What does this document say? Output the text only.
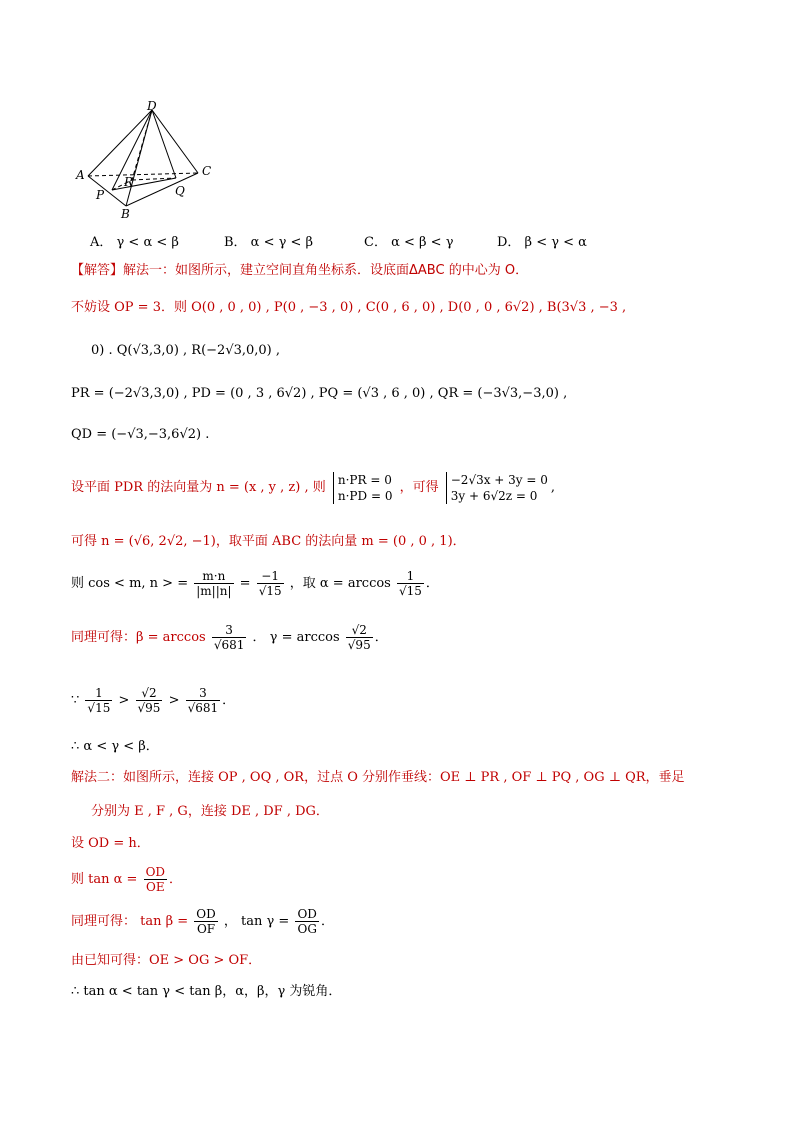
D
A	C
R
P	Q
B
A． γ < α < β	B． α < γ < β	C． α < β < γ	D． β < γ < α
【解答】解法一：如图所示，建立空间直角坐标系．设底面ΔABC 的中心为 O．
不妨设 OP = 3．则 O(0 , 0 , 0) , P(0 , −3 , 0) , C(0 , 6 , 0) , D(0 , 0 , 6√2) , B(3√3 , −3 ,
0) . Q(√3,3,0) , R(−2√3,0,0) ,
PR = (−2√3,3,0) , PD = (0 , 3 , 6√2) , PQ = (√3 , 6 , 0) , QR = (−3√3,−3,0) ,
QD = (−√3,−3,6√2) .
设平面 PDR 的法向量为 n = (x , y , z) , 则
n·PR = 0
n·PD = 0
，可得
−2√3x + 3y = 0
3y + 6√2z = 0
,
可得 n = (√6, 2√2, −1)，取平面 ABC 的法向量 m = (0 , 0 , 1)．
则 cos < m, n > = $\frac{m\cdot n}{|m||n|} = \frac{-1}{√15}$ ，取 $\alpha = \arccos \frac{1}{√15}$ ．
同理可得：$\beta = \arccos \frac{3}{√681}$ ． $\gamma = \arccos \frac{√2}{√95}$ ．
∵ $\frac{1}{√15} > \frac{√2}{√95} > \frac{3}{√681}$ ．
∴ α < γ < β．
解法二：如图所示，连接 OP , OQ , OR，过点 O 分别作垂线：OE ⊥ PR , OF ⊥ PQ , OG ⊥ QR，垂足
分别为 E , F , G，连接 DE , DF , DG．
设 OD = h．
则 $\tan \alpha = \frac{OD}{OE}$ ．
同理可得： $\tan \beta = \frac{OD}{OF}$ ， $\tan \gamma = \frac{OD}{OG}$ ．
由已知可得：OE > OG > OF．
∴ tan α < tan γ < tan β，α，β，γ 为锐角．
